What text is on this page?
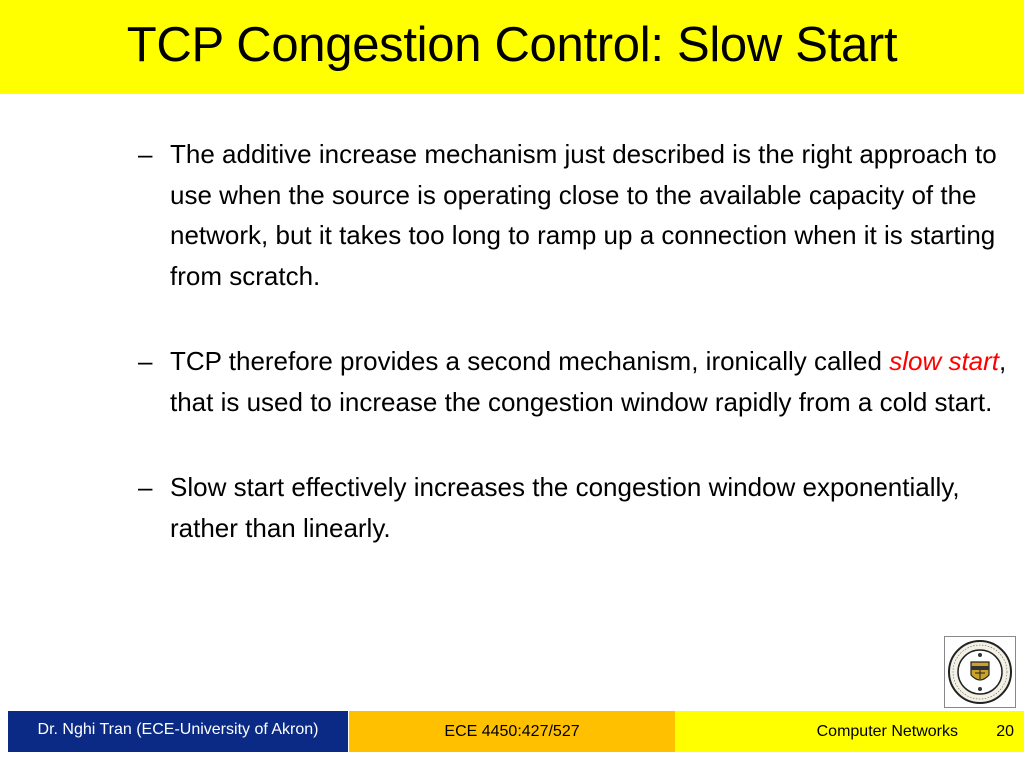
TCP Congestion Control: Slow Start
– The additive increase mechanism just described is the right approach to use when the source is operating close to the available capacity of the network, but it takes too long to ramp up a connection when it is starting from scratch.
– TCP therefore provides a second mechanism, ironically called slow start, that is used to increase the congestion window rapidly from a cold start.
– Slow start effectively increases the congestion window exponentially, rather than linearly.
Dr. Nghi Tran (ECE-University of Akron)	ECE 4450:427/527	Computer Networks 20
